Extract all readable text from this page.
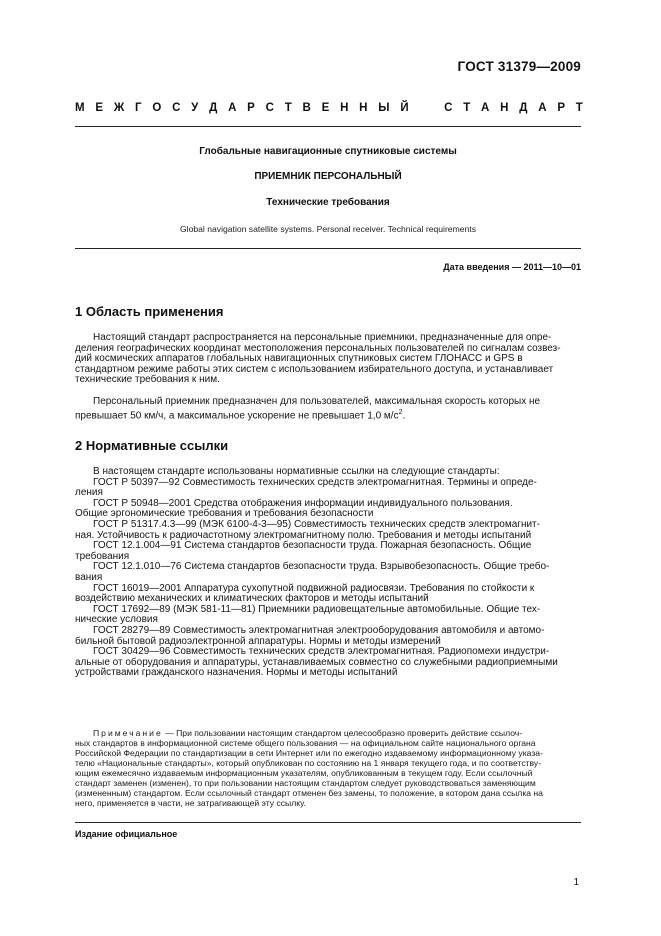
ГОСТ 31379—2009
М Е Ж Г О С У Д А Р С Т В Е Н Н Ы Й	С Т А Н Д А Р Т
Глобальные навигационные спутниковые системы
ПРИЕМНИК ПЕРСОНАЛЬНЫЙ
Технические требования
Global navigation satellite systems. Personal receiver. Technical requirements
Дата введения — 2011—10—01
1 Область применения
Настоящий стандарт распространяется на персональные приемники, предназначенные для опре-
деления географических координат местоположения персональных пользователей по сигналам созвез-
дий космических аппаратов глобальных навигационных спутниковых систем ГЛОНАСС и GPS в
стандартном режиме работы этих систем с использованием избирательного доступа, и устанавливает
технические требования к ним.
Персональный приемник предназначен для пользователей, максимальная скорость которых не
превышает 50 км/ч, а максимальное ускорение не превышает 1,0 $м/с^2$.
2 Нормативные ссылки
В настоящем стандарте использованы нормативные ссылки на следующие стандарты:
ГОСТ Р 50397—92 Совместимость технических средств электромагнитная. Термины и опреде-
ления
ГОСТ Р 50948—2001 Средства отображения информации индивидуального пользования.
Общие эргономические требования и требования безопасности
ГОСТ Р 51317.4.3—99 (МЭК 6100-4-3—95) Совместимость технических средств электромагнит-
ная. Устойчивость к радиочастотному электромагнитному полю. Требования и методы испытаний
ГОСТ 12.1.004—91 Система стандартов безопасности труда. Пожарная безопасность. Общие
требования
ГОСТ 12.1.010—76 Система стандартов безопасности труда. Взрывобезопасность. Общие требо-
вания
ГОСТ 16019—2001 Аппаратура сухопутной подвижной радиосвязи. Требования по стойкости к
воздействию механических и климатических факторов и методы испытаний
ГОСТ 17692—89 (МЭК 581-11—81) Приемники радиовещательные автомобильные. Общие тех-
нические условия
ГОСТ 28279—89 Совместимость электромагнитная электрооборудования автомобиля и автомо-
бильной бытовой радиоэлектронной аппаратуры. Нормы и методы измерений
ГОСТ 30429—96 Совместимость технических средств электромагнитная. Радиопомехи индустри-
альные от оборудования и аппаратуры, устанавливаемых совместно со служебными радиоприемными
устройствами гражданского назначения. Нормы и методы испытаний
Примечание — При пользовании настоящим стандартом целесообразно проверить действие ссылоч-
ных стандартов в информационной системе общего пользования — на официальном сайте национального органа
Российской Федерации по стандартизации в сети Интернет или по ежегодно издаваемому информационному указа-
телю «Национальные стандарты», который опубликован по состоянию на 1 января текущего года, и по соответству-
ющим ежемесячно издаваемым информационным указателям, опубликованным в текущем году. Если ссылочный
стандарт заменен (изменен), то при пользовании настоящим стандартом следует руководствоваться заменяющим
(измененным) стандартом. Если ссылочный стандарт отменен без замены, то положение, в котором дана ссылка на
него, применяется в части, не затрагивающей эту ссылку.
Издание официальное
1
